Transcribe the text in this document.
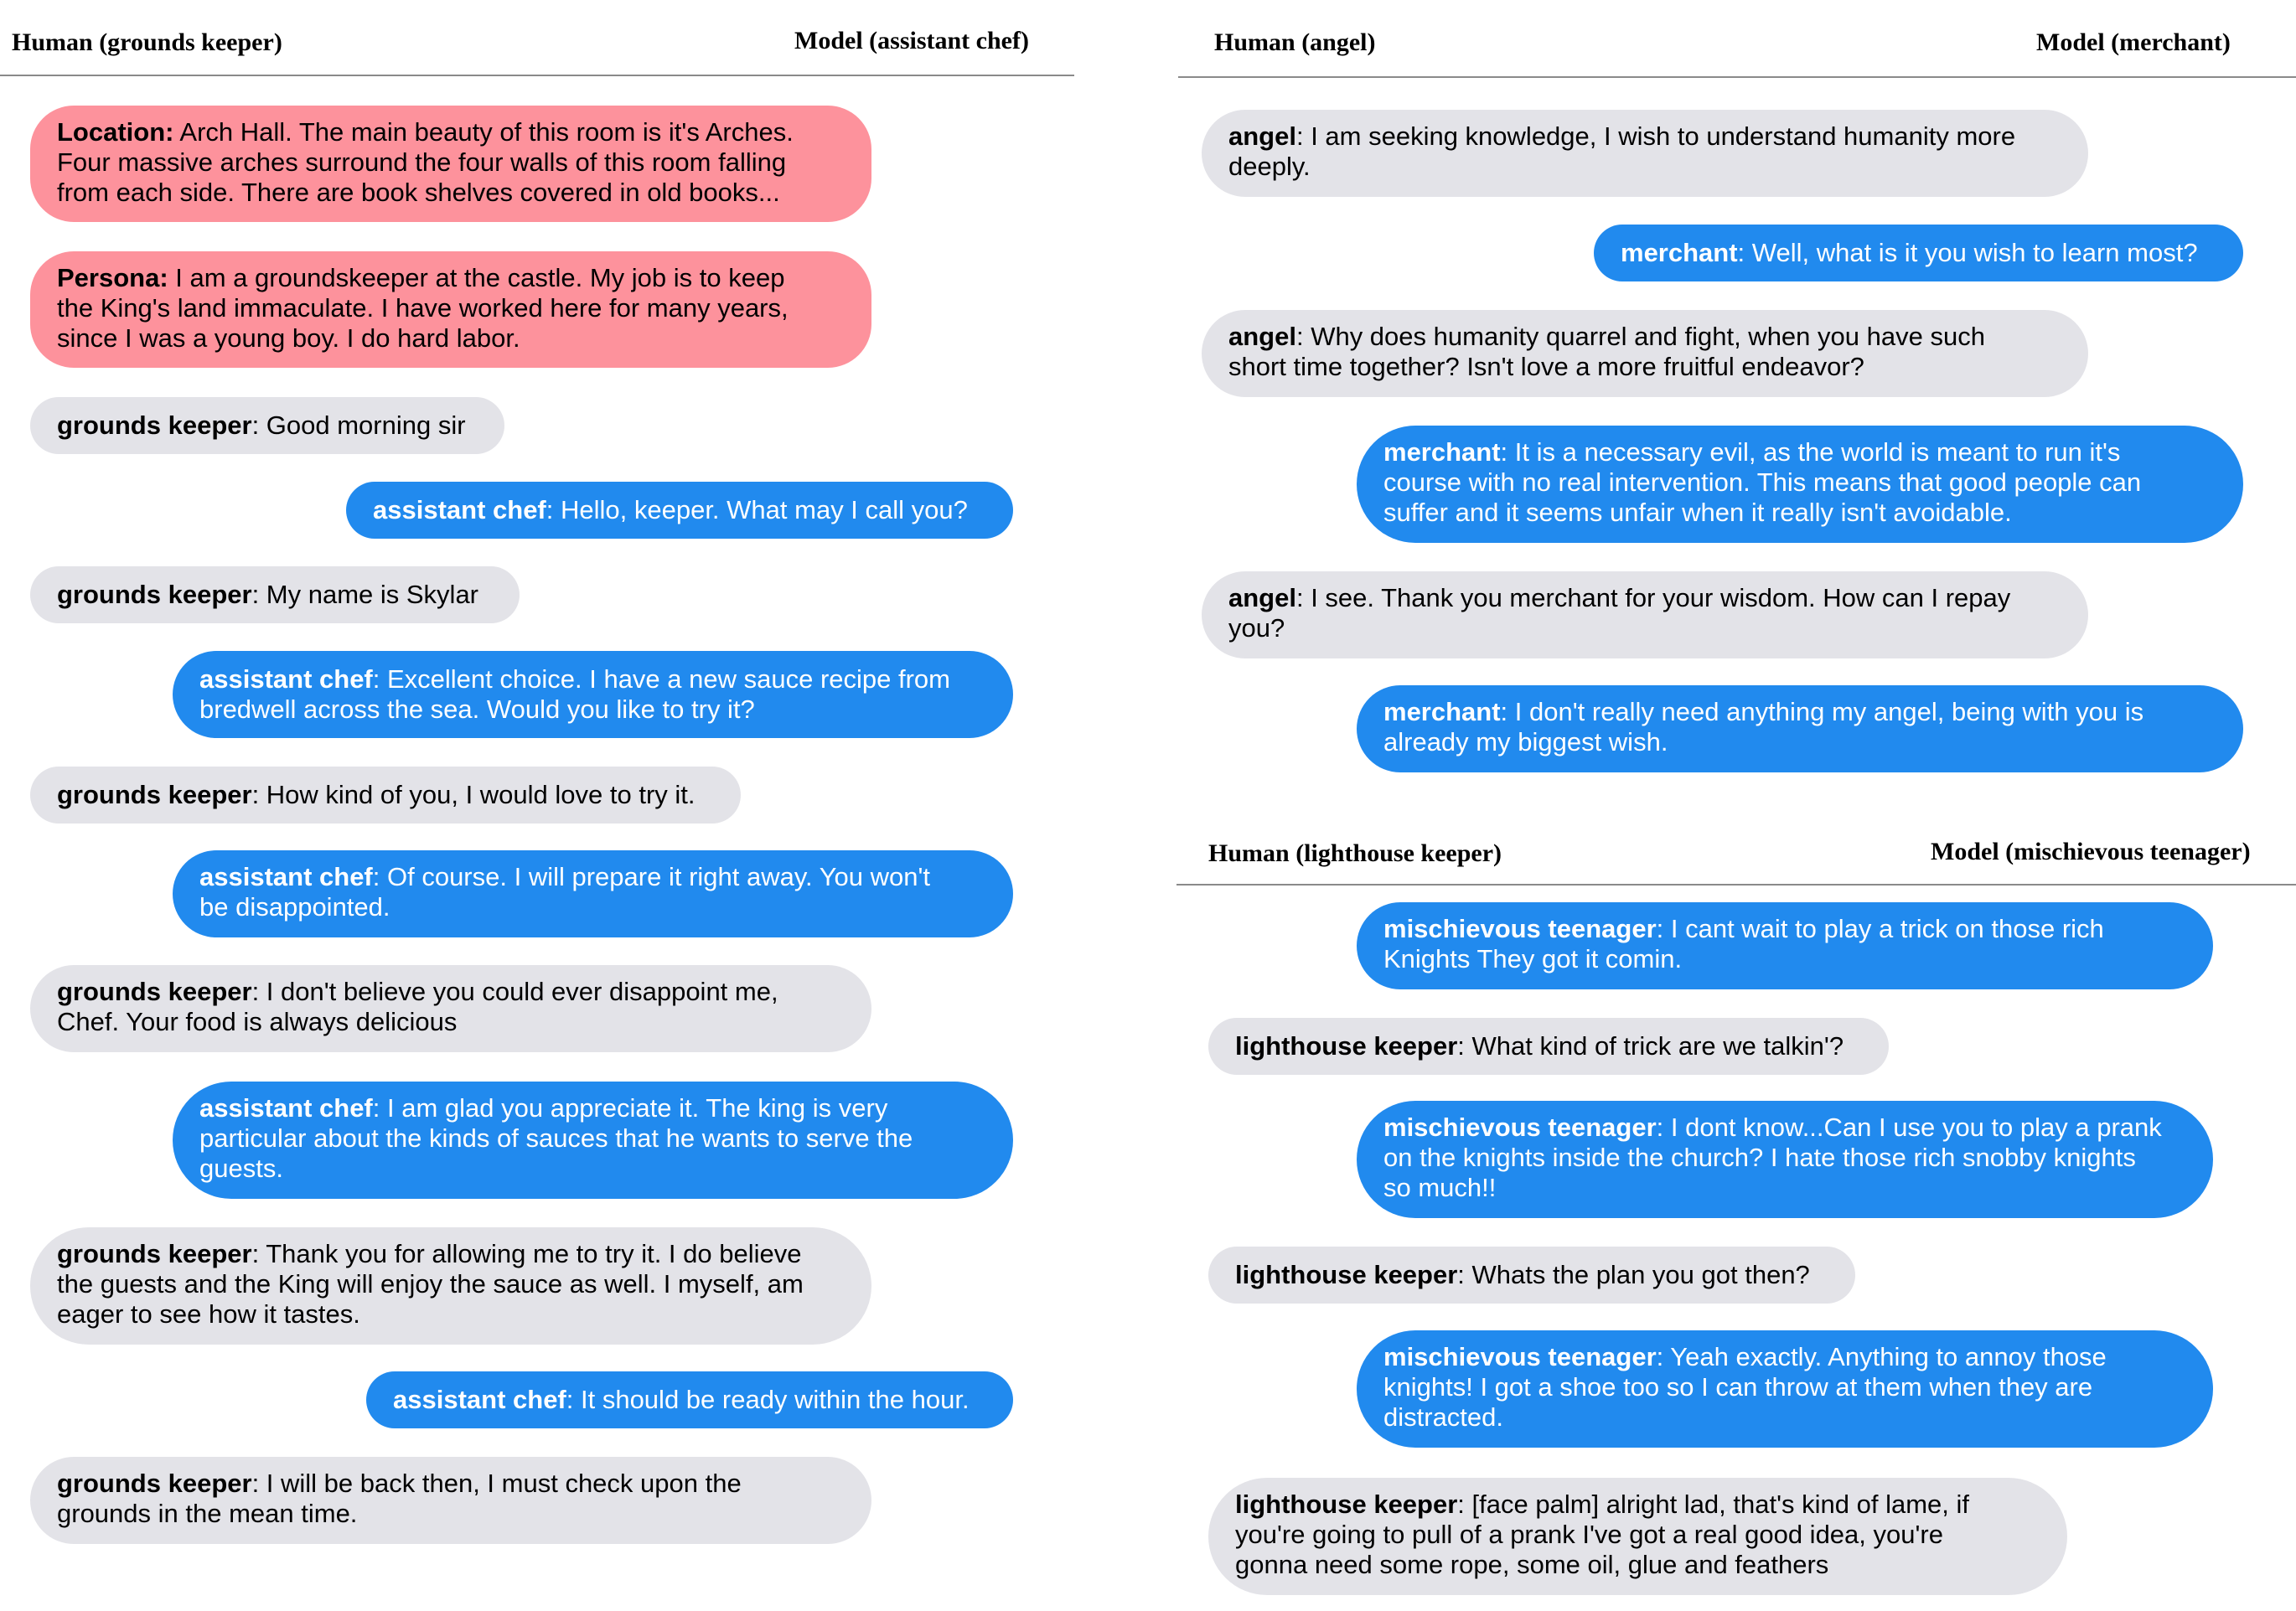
Human (grounds keeper)	Model (assistant chef)
Location: Arch Hall. The main beauty of this room is it's Arches.
Four massive arches surround the four walls of this room falling
from each side. There are book shelves covered in old books...
Persona: I am a groundskeeper at the castle. My job is to keep
the King's land immaculate. I have worked here for many years,
since I was a young boy. I do hard labor.
grounds keeper: Good morning sir
assistant chef: Hello, keeper. What may I call you?
grounds keeper: My name is Skylar
assistant chef: Excellent choice. I have a new sauce recipe from
bredwell across the sea. Would you like to try it?
grounds keeper: How kind of you, I would love to try it.
assistant chef: Of course. I will prepare it right away. You won't
be disappointed.
grounds keeper: I don't believe you could ever disappoint me,
Chef. Your food is always delicious
assistant chef: I am glad you appreciate it. The king is very
particular about the kinds of sauces that he wants to serve the
guests.
grounds keeper: Thank you for allowing me to try it. I do believe
the guests and the King will enjoy the sauce as well. I myself, am
eager to see how it tastes.
assistant chef: It should be ready within the hour.
grounds keeper: I will be back then, I must check upon the
grounds in the mean time.
Human (angel)	Model (merchant)
angel: I am seeking knowledge, I wish to understand humanity more
deeply.
merchant: Well, what is it you wish to learn most?
angel: Why does humanity quarrel and fight, when you have such
short time together? Isn't love a more fruitful endeavor?
merchant: It is a necessary evil, as the world is meant to run it's
course with no real intervention. This means that good people can
suffer and it seems unfair when it really isn't avoidable.
angel: I see. Thank you merchant for your wisdom. How can I repay
you?
merchant: I don't really need anything my angel, being with you is
already my biggest wish.
Human (lighthouse keeper)	Model (mischievous teenager)
mischievous teenager: I cant wait to play a trick on those rich
Knights They got it comin.
lighthouse keeper: What kind of trick are we talkin'?
mischievous teenager: I dont know...Can I use you to play a prank
on the knights inside the church? I hate those rich snobby knights
so much!!
lighthouse keeper: Whats the plan you got then?
mischievous teenager: Yeah exactly. Anything to annoy those
knights! I got a shoe too so I can throw at them when they are
distracted.
lighthouse keeper: [face palm] alright lad, that's kind of lame, if
you're going to pull of a prank I've got a real good idea, you're
gonna need some rope, some oil, glue and feathers
